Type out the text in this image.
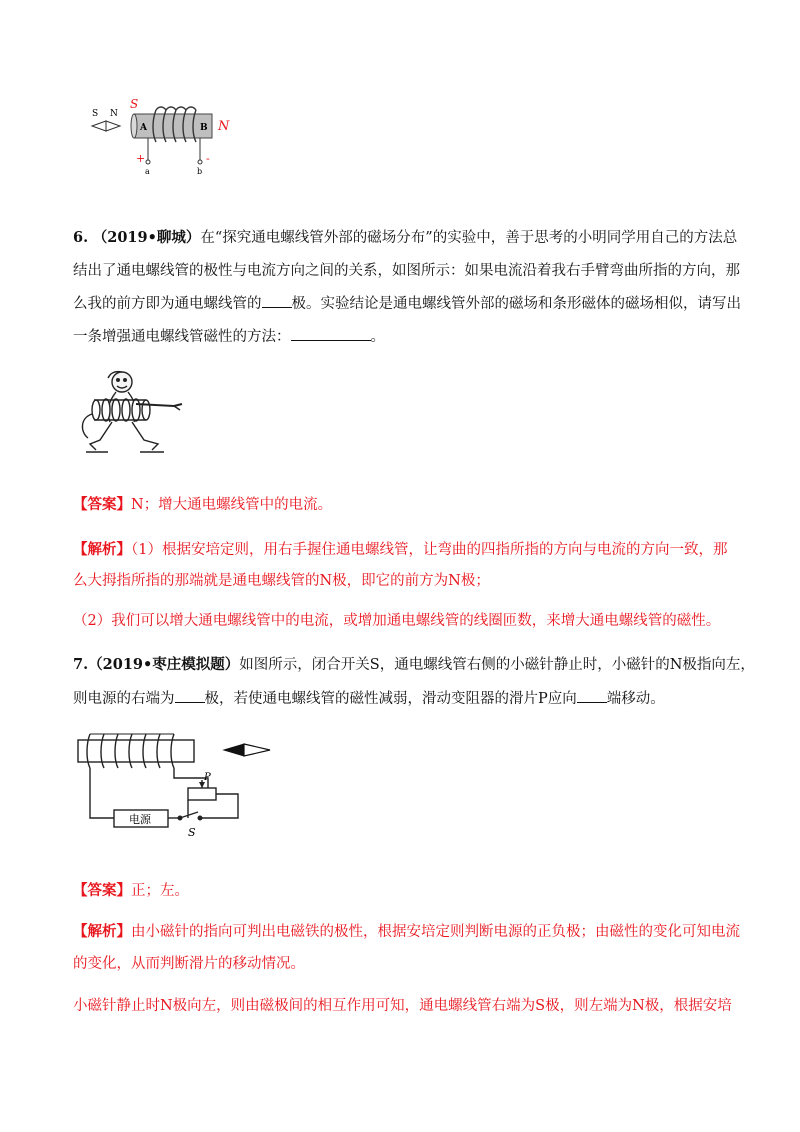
S N
S
N
A	B
+	-
a	b
6. （2019•聊城）在“探究通电螺线管外部的磁场分布”的实验中，善于思考的小明同学用自己的方法总
结出了通电螺线管的极性与电流方向之间的关系，如图所示：如果电流沿着我右手臂弯曲所指的方向，那
么我的前方即为通电螺线管的 极。实验结论是通电螺线管外部的磁场和条形磁体的磁场相似，请写出
一条增强通电螺线管磁性的方法：	。
【答案】N；增大通电螺线管中的电流。
【解析】（1）根据安培定则，用右手握住通电螺线管，让弯曲的四指所指的方向与电流的方向一致，那
么大拇指所指的那端就是通电螺线管的N极，即它的前方为N极；
（2）我们可以增大通电螺线管中的电流，或增加通电螺线管的线圈匝数，来增大通电螺线管的磁性。
7.（2019•枣庄模拟题）如图所示，闭合开关S，通电螺线管右侧的小磁针静止时，小磁针的N极指向左，
则电源的右端为 极，若使通电螺线管的磁性减弱，滑动变阻器的滑片P应向 端移动。
电源
P
S
【答案】正；左。
【解析】由小磁针的指向可判出电磁铁的极性，根据安培定则判断电源的正负极；由磁性的变化可知电流
的变化，从而判断滑片的移动情况。
小磁针静止时N极向左，则由磁极间的相互作用可知，通电螺线管右端为S极，则左端为N极，根据安培
